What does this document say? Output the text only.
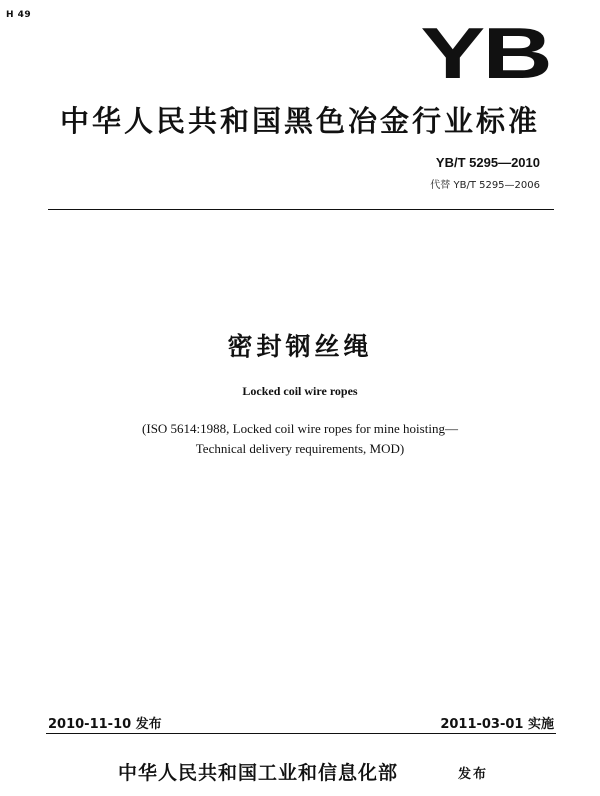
H 49	YB
中华人民共和国黑色冶金行业标准
YB/T 5295—2010
代替 YB/T 5295—2006
密封钢丝绳
Locked coil wire ropes
(ISO 5614:1988, Locked coil wire ropes for mine hoisting—
Technical delivery requirements, MOD)
2010-11-10 发布	2011-03-01 实施
中华人民共和国工业和信息化部	发布
